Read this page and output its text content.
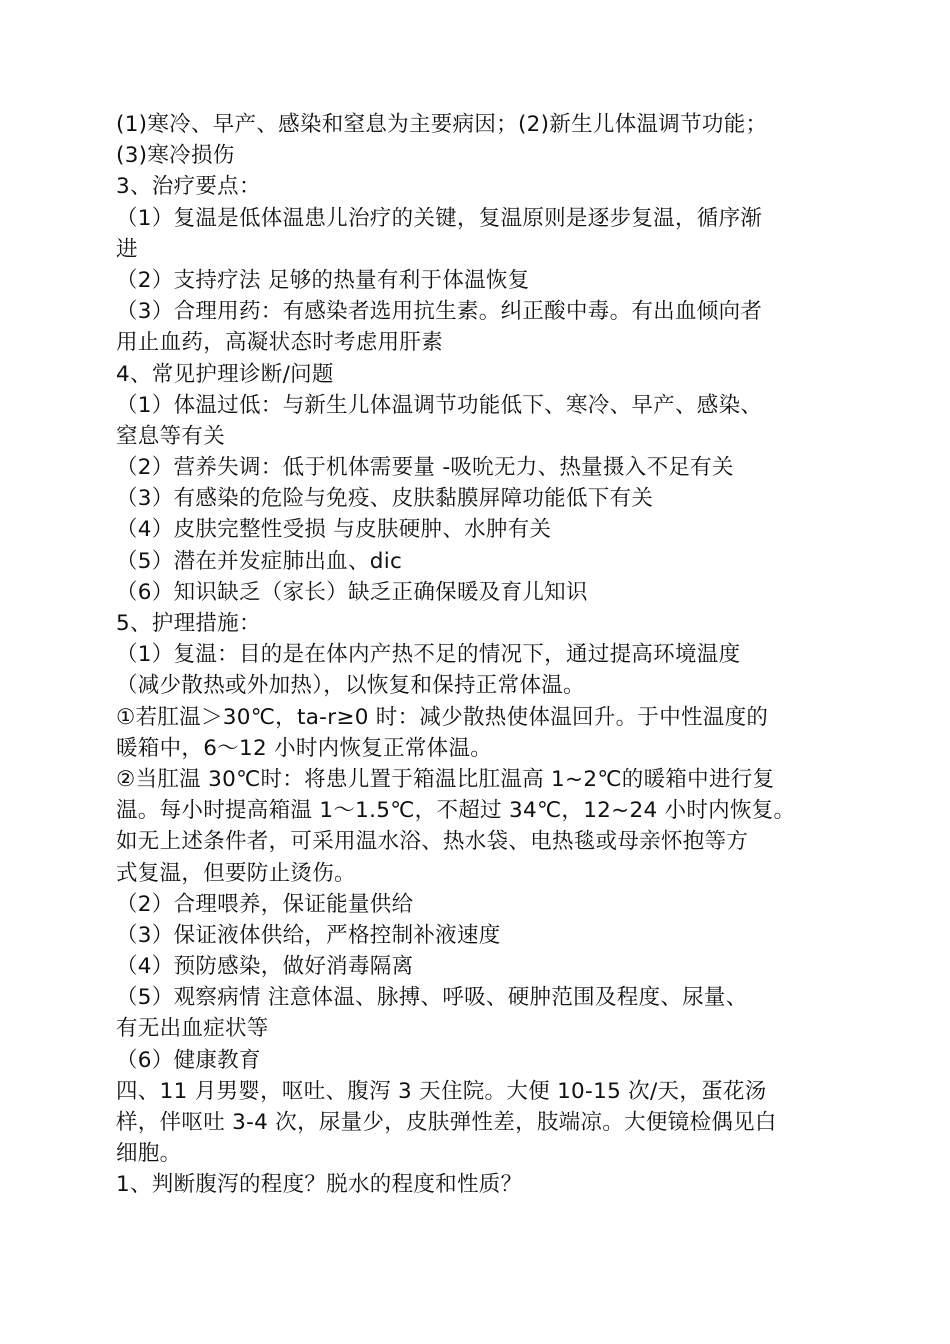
(1)寒冷、早产、感染和窒息为主要病因；(2)新生儿体温调节功能；
(3)寒冷损伤
3、治疗要点：
（1）复温是低体温患儿治疗的关键，复温原则是逐步复温，循序渐
进
（2）支持疗法 足够的热量有利于体温恢复
（3）合理用药：有感染者选用抗生素。纠正酸中毒。有出血倾向者
用止血药，高凝状态时考虑用肝素
4、常见护理诊断/问题
（1）体温过低：与新生儿体温调节功能低下、寒冷、早产、感染、
窒息等有关
（2）营养失调：低于机体需要量 -吸吮无力、热量摄入不足有关
（3）有感染的危险与免疫、皮肤黏膜屏障功能低下有关
（4）皮肤完整性受损 与皮肤硬肿、水肿有关
（5）潜在并发症肺出血、dic
（6）知识缺乏（家长）缺乏正确保暖及育儿知识
5、护理措施：
（1）复温：目的是在体内产热不足的情况下，通过提高环境温度
（减少散热或外加热），以恢复和保持正常体温。
①若肛温＞30℃，ta-r≥0 时：减少散热使体温回升。于中性温度的
暖箱中，6～12 小时内恢复正常体温。
②当肛温 30℃时：将患儿置于箱温比肛温高 1~2℃的暖箱中进行复
温。每小时提高箱温 1～1.5℃，不超过 34℃，12~24 小时内恢复。
如无上述条件者，可采用温水浴、热水袋、电热毯或母亲怀抱等方
式复温，但要防止烫伤。
（2）合理喂养，保证能量供给
（3）保证液体供给，严格控制补液速度
（4）预防感染，做好消毒隔离
（5）观察病情 注意体温、脉搏、呼吸、硬肿范围及程度、尿量、
有无出血症状等
（6）健康教育
四、11 月男婴，呕吐、腹泻 3 天住院。大便 10-15 次/天，蛋花汤
样，伴呕吐 3-4 次，尿量少，皮肤弹性差，肢端凉。大便镜检偶见白
细胞。
1、判断腹泻的程度？脱水的程度和性质？
